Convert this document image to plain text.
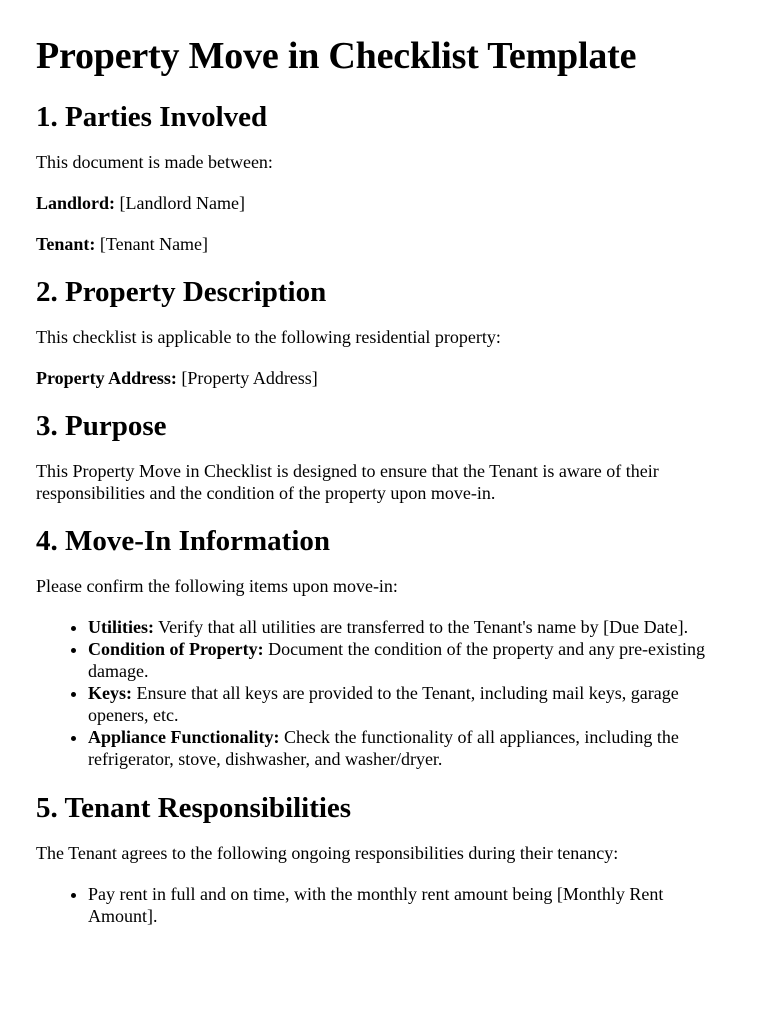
Property Move in Checklist Template
1. Parties Involved

This document is made between:

Landlord: [Landlord Name]

Tenant: [Tenant Name]

2. Property Description

This checklist is applicable to the following residential property:

Property Address: [Property Address]

3. Purpose

This Property Move in Checklist is designed to ensure that the Tenant is aware of their responsibilities and the condition of the property upon move-in.

4. Move-In Information

Please confirm the following items upon move-in:

• Utilities: Verify that all utilities are transferred to the Tenant's name by [Due Date].
• Condition of Property: Document the condition of the property and any pre-existing damage.
• Keys: Ensure that all keys are provided to the Tenant, including mail keys, garage openers, etc.
• Appliance Functionality: Check the functionality of all appliances, including the refrigerator, stove, dishwasher, and washer/dryer.
5. Tenant Responsibilities

The Tenant agrees to the following ongoing responsibilities during their tenancy:

• Pay rent in full and on time, with the monthly rent amount being [Monthly Rent Amount].
